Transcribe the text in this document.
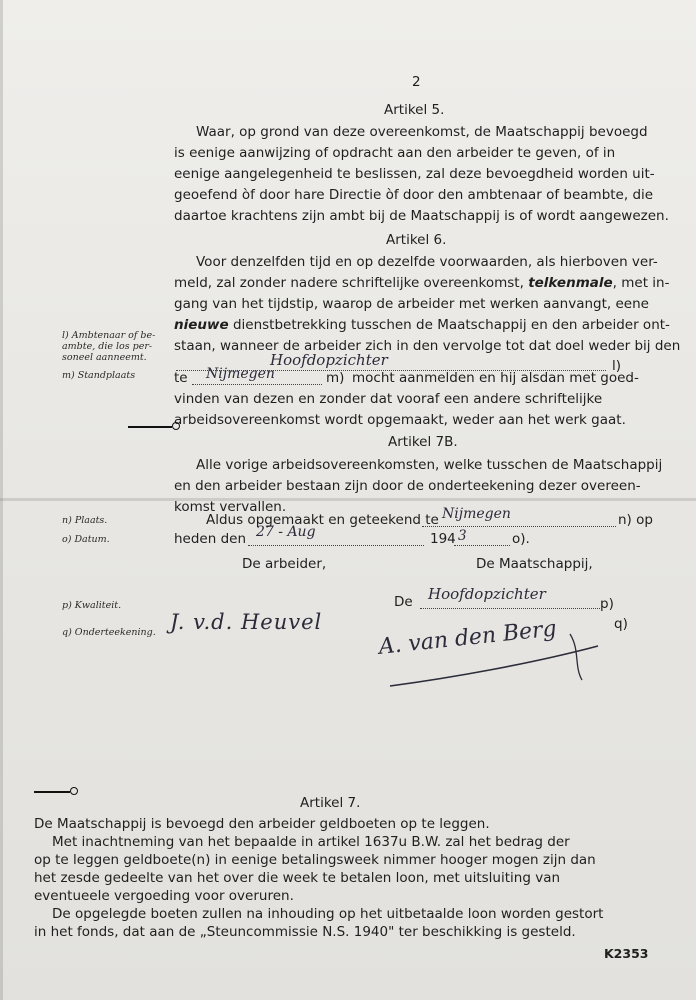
2
Artikel 5.
Waar, op grond van deze overeenkomst, de Maatschappij bevoegd
is eenige aanwijzing of opdracht aan den arbeider te geven, of in
eenige aangelegenheid te beslissen, zal deze bevoegdheid worden uit-
geoefend òf door hare Directie òf door den ambtenaar of beambte, die
daartoe krachtens zijn ambt bij de Maatschappij is of wordt aangewezen.
Artikel 6.
Voor denzelfden tijd en op dezelfde voorwaarden, als hierboven ver-
meld, zal zonder nadere schriftelijke overeenkomst, telkenmale, met in-
gang van het tijdstip, waarop de arbeider met werken aanvangt, eene
nieuwe dienstbetrekking tusschen de Maatschappij en den arbeider ont-
staan, wanneer de arbeider zich in den vervolge tot dat doel weder bij den
Hoofdopzichter	l)
te Nijmegen	m) mocht aanmelden en hij alsdan met goed-
vinden van dezen en zonder dat vooraf een andere schriftelijke
arbeidsovereenkomst wordt opgemaakt, weder aan het werk gaat.
l) Ambtenaar of be-
ambte, die los per-
soneel aanneemt.
m) Standplaats
Artikel 7B.
Alle vorige arbeidsovereenkomsten, welke tusschen de Maatschappij
en den arbeider bestaan zijn door de onderteekening dezer overeen-
komst vervallen.
Aldus opgemaakt en geteekend te Nijmegen	n) op
heden den 27 - Aug	194 3	o).
n) Plaats.
o) Datum.
De arbeider,	De Maatschappij,
p) Kwaliteit.	De Hoofdopzichter
p)
q) Onderteekening. J. v.d. Heuvel	A. van den Berg	q)
Artikel 7.
De Maatschappij is bevoegd den arbeider geldboeten op te leggen.
Met inachtneming van het bepaalde in artikel 1637u B.W. zal het bedrag der
op te leggen geldboete(n) in eenige betalingsweek nimmer hooger mogen zijn dan
het zesde gedeelte van het over die week te betalen loon, met uitsluiting van
eventueele vergoeding voor overuren.
De opgelegde boeten zullen na inhouding op het uitbetaalde loon worden gestort
in het fonds, dat aan de „Steuncommissie N.S. 1940" ter beschikking is gesteld.
K2353
